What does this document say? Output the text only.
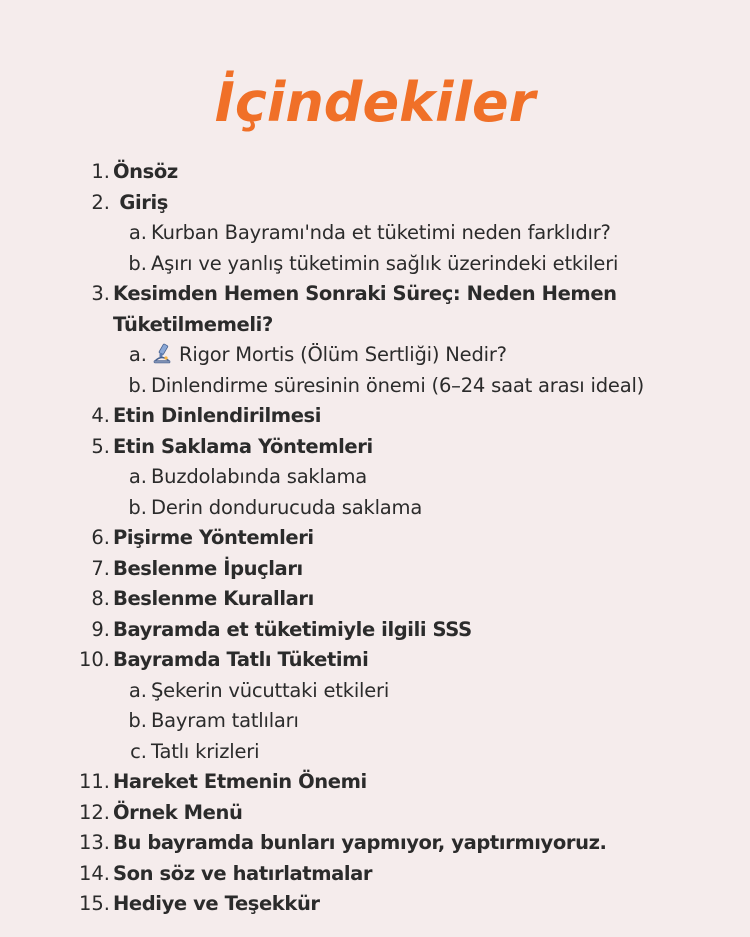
İçindekiler
1. Önsöz
2. Giriş
a. Kurban Bayramı'nda et tüketimi neden farklıdır?
b. Aşırı ve yanlış tüketimin sağlık üzerindeki etkileri
3. Kesimden Hemen Sonraki Süreç: Neden Hemen
Tüketilmemeli?
a.	Rigor Mortis (Ölüm Sertliği) Nedir?
b. Dinlendirme süresinin önemi (6–24 saat arası ideal)
4. Etin Dinlendirilmesi
5. Etin Saklama Yöntemleri
a. Buzdolabında saklama
b. Derin dondurucuda saklama
6. Pişirme Yöntemleri
7. Beslenme İpuçları
8. Beslenme Kuralları
9. Bayramda et tüketimiyle ilgili SSS
10. Bayramda Tatlı Tüketimi
a. Şekerin vücuttaki etkileri
b. Bayram tatlıları
c. Tatlı krizleri
11. Hareket Etmenin Önemi
12. Örnek Menü
13. Bu bayramda bunları yapmıyor, yaptırmıyoruz.
14. Son söz ve hatırlatmalar
15. Hediye ve Teşekkür
